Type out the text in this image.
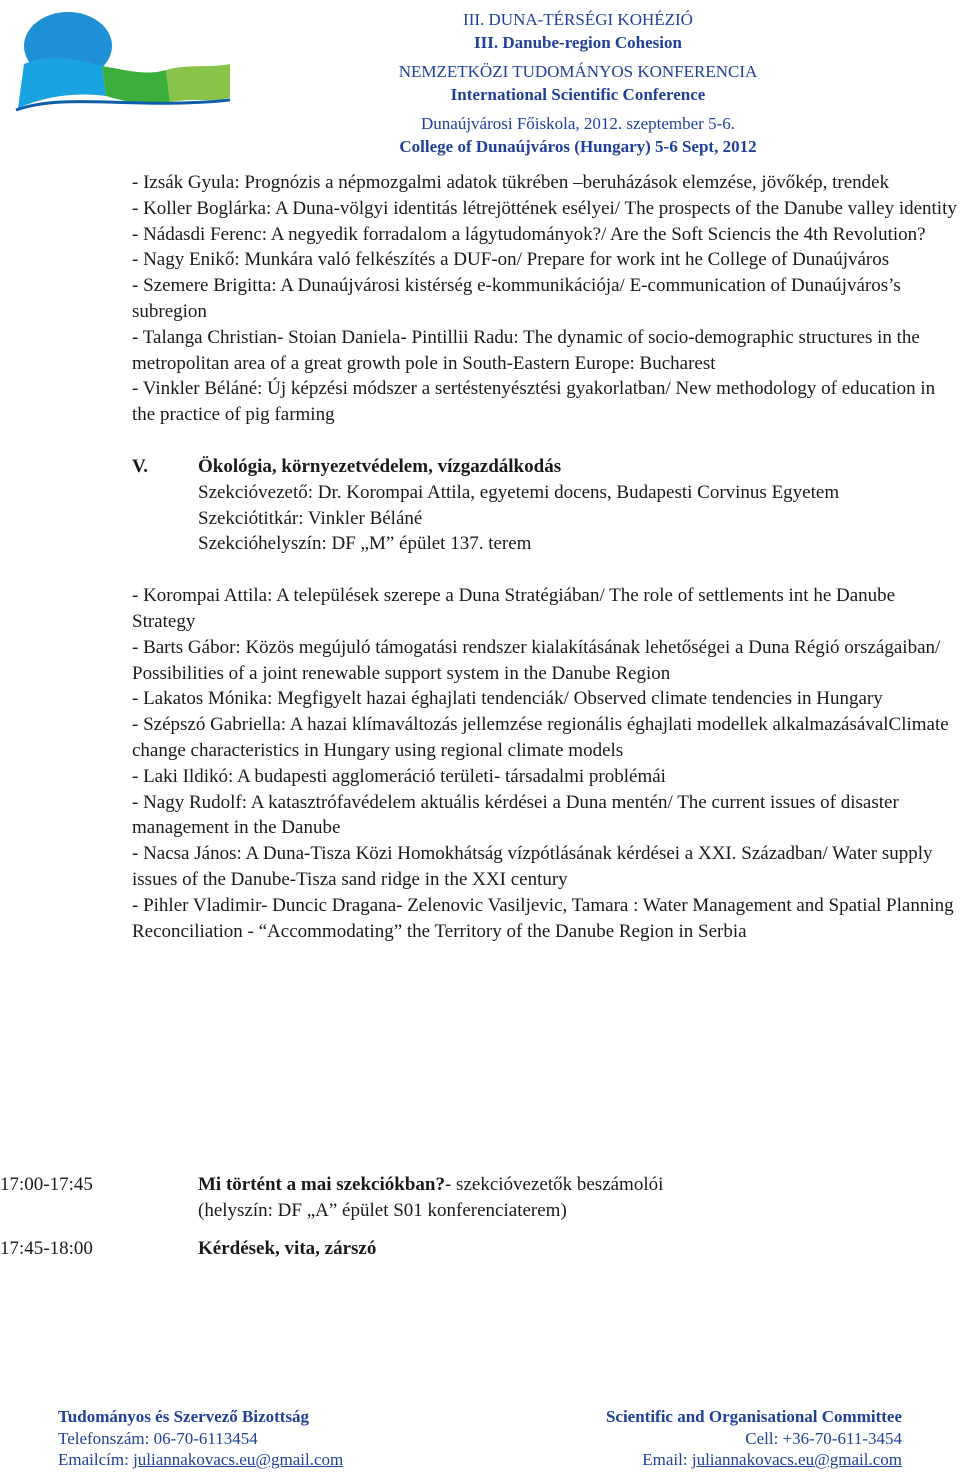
III. DUNA-TÉRSÉGI KOHÉZIÓ
III. Danube-region Cohesion
NEMZETKÖZI TUDOMÁNYOS KONFERENCIA
International Scientific Conference
Dunaújvárosi Főiskola, 2012. szeptember 5-6.
College of Dunaújváros (Hungary) 5-6 Sept, 2012

- Izsák Gyula: Prognózis a népmozgalmi adatok tükrében –beruházások elemzése, jövőkép, trendek

- Koller Boglárka: A Duna-völgyi identitás létrejöttének esélyei/ The prospects of the Danube valley identity

- Nádasdi Ferenc: A negyedik forradalom a lágytudományok?/ Are the Soft Sciencis the 4th Revolution?

- Nagy Enikő: Munkára való felkészítés a DUF-on/ Prepare for work int he College of Dunaújváros

- Szemere Brigitta: A Dunaújvárosi kistérség e-kommunikációja/ E-communication of Dunaújváros’s subregion

- Talanga Christian- Stoian Daniela- Pintillii Radu: The dynamic of socio-demographic structures in the metropolitan area of a great growth pole in South-Eastern Europe: Bucharest

- Vinkler Béláné: Új képzési módszer a sertéstenyésztési gyakorlatban/ New methodology of education in the practice of pig farming

V.	Ökológia, környezetvédelem, vízgazdálkodás

Szekcióvezető: Dr. Korompai Attila, egyetemi docens, Budapesti Corvinus Egyetem

Szekciótitkár: Vinkler Béláné

Szekcióhelyszín: DF „M” épület 137. terem

- Korompai Attila: A települések szerepe a Duna Stratégiában/ The role of settlements int he Danube Strategy

- Barts Gábor: Közös megújuló támogatási rendszer kialakításának lehetőségei a Duna Régió országaiban/ Possibilities of a joint renewable support system in the Danube Region

- Lakatos Mónika: Megfigyelt hazai éghajlati tendenciák/ Observed climate tendencies in Hungary

- Szépszó Gabriella: A hazai klímaváltozás jellemzése regionális éghajlati modellek alkalmazásávalClimate change characteristics in Hungary using regional climate models

- Laki Ildikó: A budapesti agglomeráció területi- társadalmi problémái

- Nagy Rudolf: A katasztrófavédelem aktuális kérdései a Duna mentén/ The current issues of disaster management in the Danube

- Nacsa János: A Duna-Tisza Közi Homokhátság vízpótlásának kérdései a XXI. Században/ Water supply issues of the Danube-Tisza sand ridge in the XXI century

- Pihler Vladimir- Duncic Dragana- Zelenovic Vasiljevic, Tamara : Water Management and Spatial Planning Reconciliation - “Accommodating” the Territory of the Danube Region in Serbia

17:00-17:45	Mi történt a mai szekciókban?- szekcióvezetők beszámolói
(helyszín: DF „A” épület S01 konferenciaterem)
17:45-18:00	Kérdések, vita, zárszó
Tudományos és Szervező Bizottság
Telefonszám: 06-70-6113454
Emailcím: juliannakovacs.eu@gmail.com
Scientific and Organisational Committee
Cell: +36-70-611-3454
Email: juliannakovacs.eu@gmail.com
